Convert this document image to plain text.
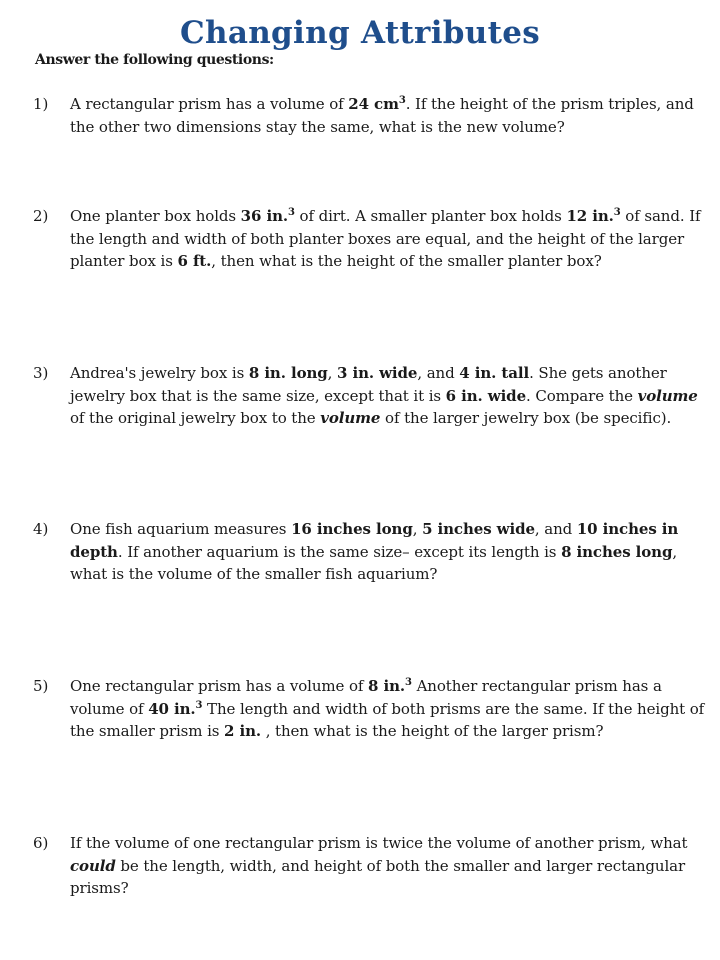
Changing Attributes
Answer the following questions:
1)	A rectangular prism has a volume of 24 $cm^3$. If the height of the prism triples, and the other two dimensions stay the same, what is the new volume?
2)	One planter box holds 36 in.$^3$ of dirt. A smaller planter box holds 12 in.$^3$ of sand. If the length and width of both planter boxes are equal, and the height of the larger planter box is 6 ft., then what is the height of the smaller planter box?
3)	Andrea's jewelry box is 8 in. long, 3 in. wide, and 4 in. tall. She gets another jewelry box that is the same size, except that it is 6 in. wide. Compare the volume of the original jewelry box to the volume of the larger jewelry box (be specific).
4)	One fish aquarium measures 16 inches long, 5 inches wide, and 10 inches in depth. If another aquarium is the same size– except its length is 8 inches long, what is the volume of the smaller fish aquarium?
5)	One rectangular prism has a volume of 8 in.$^3$ Another rectangular prism has a volume of 40 in.$^3$ The length and width of both prisms are the same. If the height of the smaller prism is 2 in. , then what is the height of the larger prism?
6)	If the volume of one rectangular prism is twice the volume of another prism, what could be the length, width, and height of both the smaller and larger rectangular prisms?
